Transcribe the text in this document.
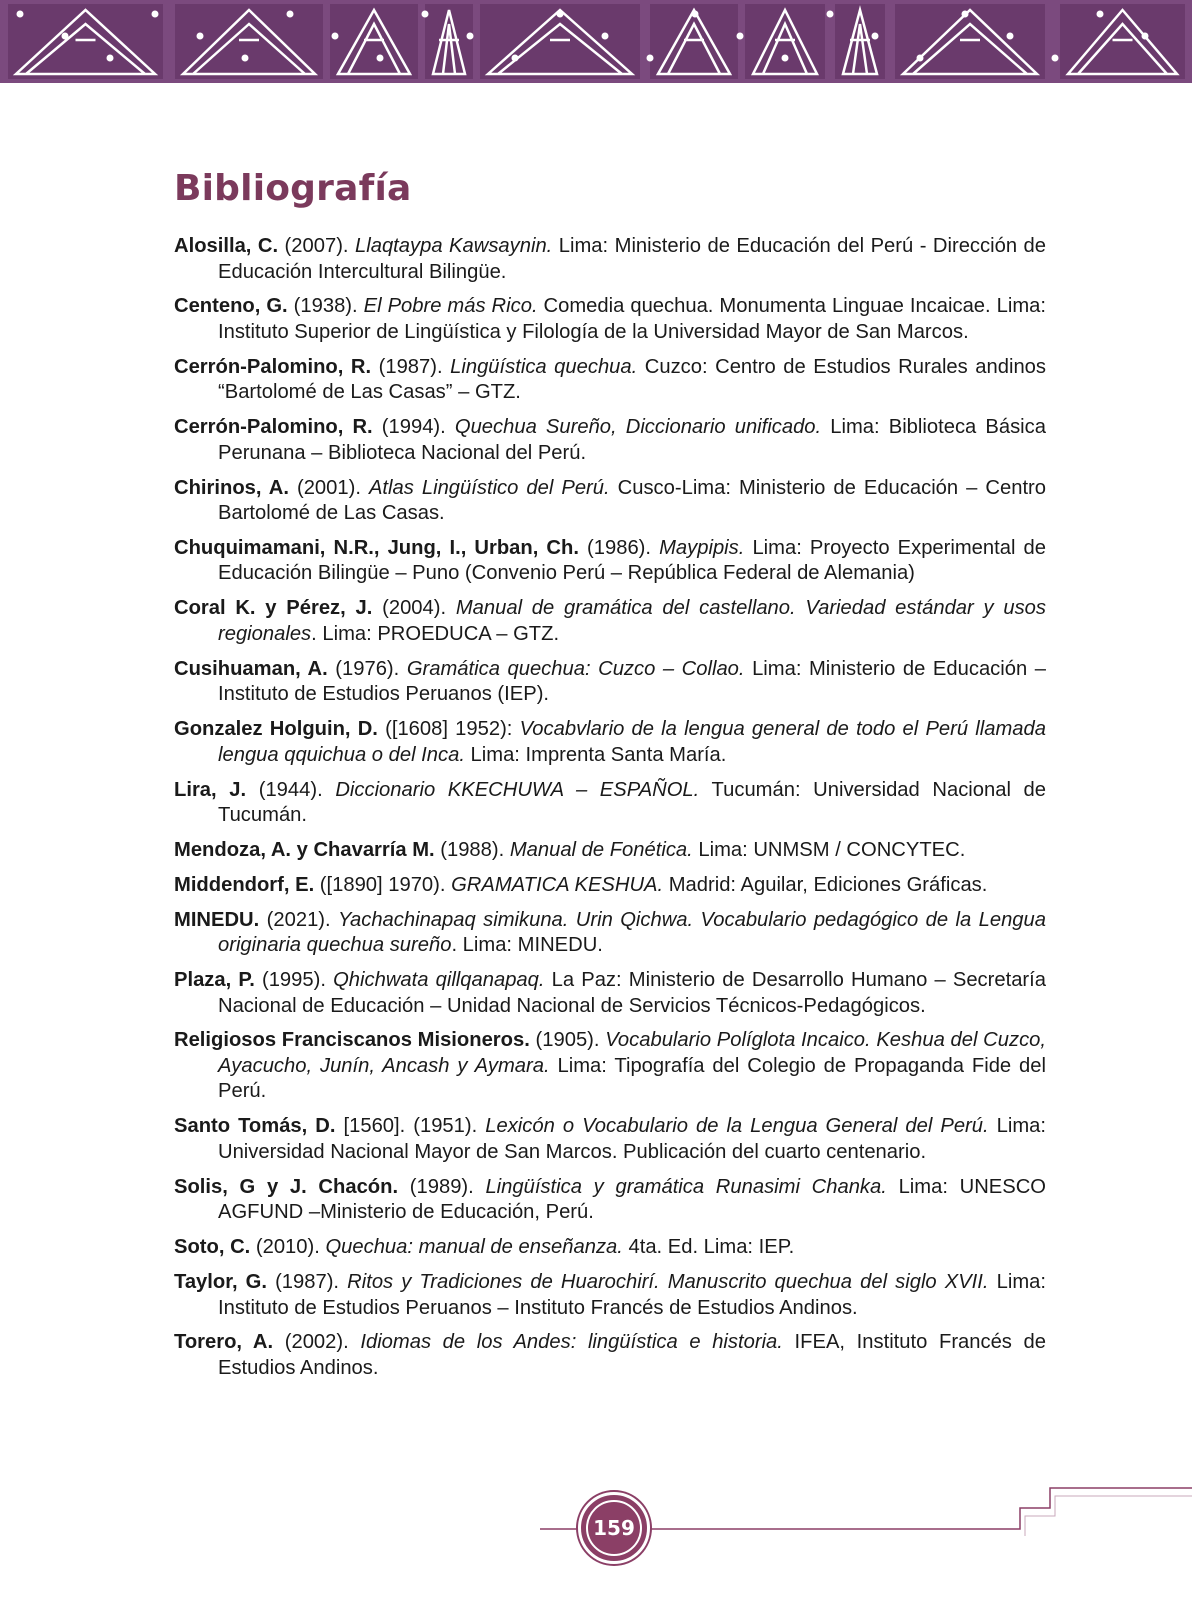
Bibliografía

Alosilla, C. (2007). Llaqtaypa Kawsaynin. Lima: Ministerio de Educación del Perú - Dirección de Educación Intercultural Bilingüe.

Centeno, G. (1938). El Pobre más Rico. Comedia quechua. Monumenta Linguae Incaicae. Lima: Instituto Superior de Lingüística y Filología de la Universidad Mayor de San Marcos.

Cerrón-Palomino, R. (1987). Lingüística quechua. Cuzco: Centro de Estudios Rurales andinos “Bartolomé de Las Casas” – GTZ.

Cerrón-Palomino, R. (1994). Quechua Sureño, Diccionario unificado. Lima: Biblioteca Básica Perunana – Biblioteca Nacional del Perú.

Chirinos, A. (2001). Atlas Lingüístico del Perú. Cusco-Lima: Ministerio de Educación – Centro Bartolomé de Las Casas.

Chuquimamani, N.R., Jung, I., Urban, Ch. (1986). Maypipis. Lima: Proyecto Experimental de Educación Bilingüe – Puno (Convenio Perú – República Federal de Alemania)

Coral K. y Pérez, J. (2004). Manual de gramática del castellano. Variedad estándar y usos regionales. Lima: PROEDUCA – GTZ.

Cusihuaman, A. (1976). Gramática quechua: Cuzco – Collao. Lima: Ministerio de Educación – Instituto de Estudios Peruanos (IEP).

Gonzalez Holguin, D. ([1608] 1952): Vocabvlario de la lengua general de todo el Perú llamada lengua qquichua o del Inca. Lima: Imprenta Santa María.

Lira, J. (1944). Diccionario KKECHUWA – ESPAÑOL. Tucumán: Universidad Nacional de Tucumán.

Mendoza, A. y Chavarría M. (1988). Manual de Fonética. Lima: UNMSM / CONCYTEC.

Middendorf, E. ([1890] 1970). GRAMATICA KESHUA. Madrid: Aguilar, Ediciones Gráficas.

MINEDU. (2021). Yachachinapaq simikuna. Urin Qichwa. Vocabulario pedagógico de la Lengua originaria quechua sureño. Lima: MINEDU.

Plaza, P. (1995). Qhichwata qillqanapaq. La Paz: Ministerio de Desarrollo Humano – Secretaría Nacional de Educación – Unidad Nacional de Servicios Técnicos-Pedagógicos.

Religiosos Franciscanos Misioneros. (1905). Vocabulario Políglota Incaico. Keshua del Cuzco, Ayacucho, Junín, Ancash y Aymara. Lima: Tipografía del Colegio de Propaganda Fide del Perú.

Santo Tomás, D. [1560]. (1951). Lexicón o Vocabulario de la Lengua General del Perú. Lima: Universidad Nacional Mayor de San Marcos. Publicación del cuarto centenario.

Solis, G y J. Chacón. (1989). Lingüística y gramática Runasimi Chanka. Lima: UNESCO AGFUND –Ministerio de Educación, Perú.

Soto, C. (2010). Quechua: manual de enseñanza. 4ta. Ed. Lima: IEP.

Taylor, G. (1987). Ritos y Tradiciones de Huarochirí. Manuscrito quechua del siglo XVII. Lima: Instituto de Estudios Peruanos – Instituto Francés de Estudios Andinos.

Torero, A. (2002). Idiomas de los Andes: lingüística e historia. IFEA, Instituto Francés de Estudios Andinos.

159
